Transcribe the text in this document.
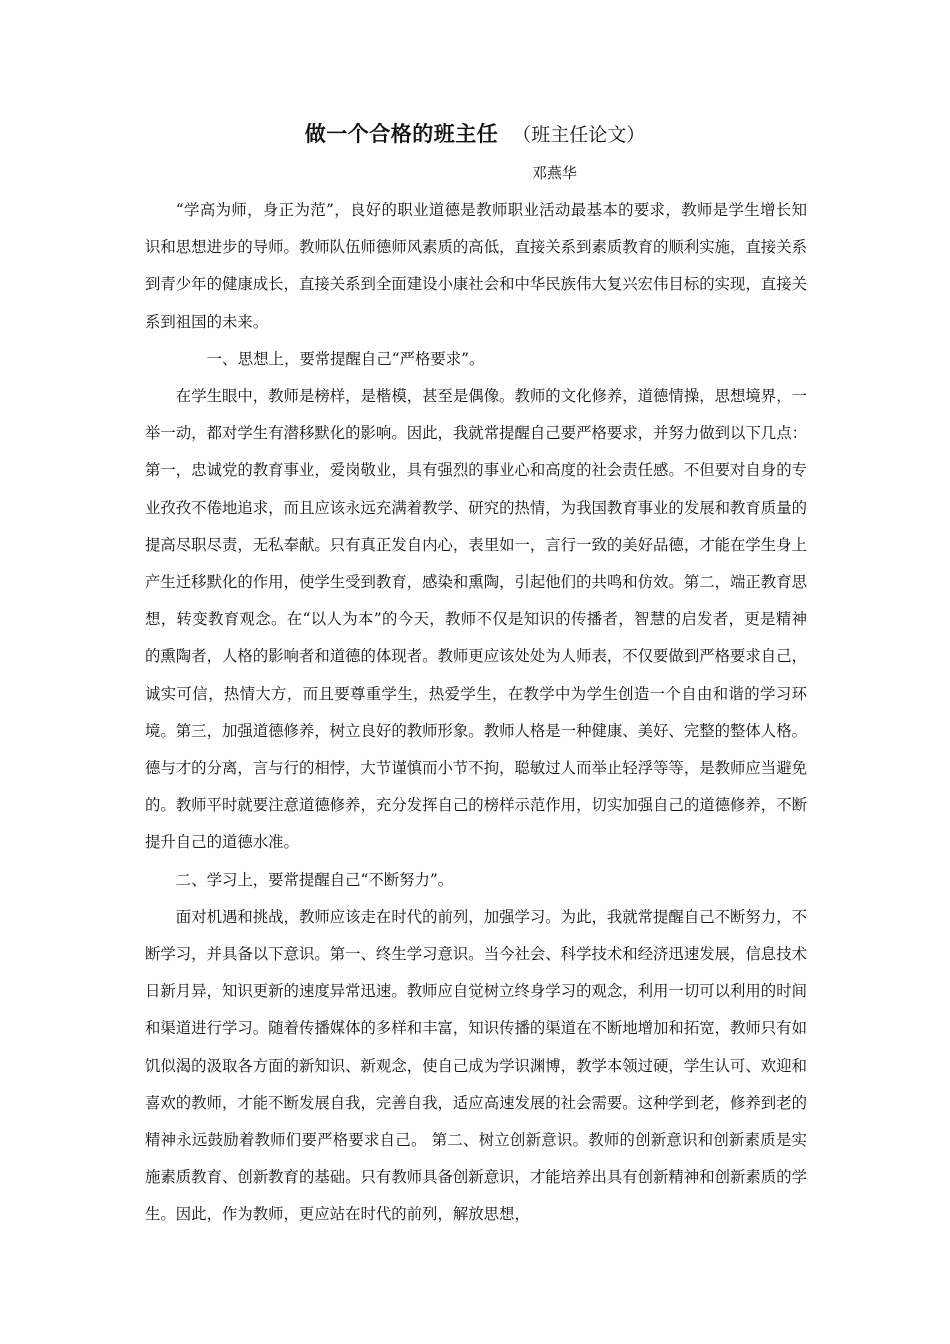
做一个合格的班主任 （班主任论文）
邓燕华

“学高为师，身正为范”，良好的职业道德是教师职业活动最基本的要求，教师是学生增长知识和思想进步的导师。教师队伍师德师风素质的高低，直接关系到素质教育的顺利实施，直接关系到青少年的健康成长，直接关系到全面建设小康社会和中华民族伟大复兴宏伟目标的实现，直接关系到祖国的未来。

一、思想上，要常提醒自己“严格要求”。

在学生眼中，教师是榜样，是楷模，甚至是偶像。教师的文化修养，道德情操，思想境界，一举一动，都对学生有潜移默化的影响。因此，我就常提醒自己要严格要求，并努力做到以下几点：第一，忠诚党的教育事业，爱岗敬业，具有强烈的事业心和高度的社会责任感。不但要对自身的专业孜孜不倦地追求，而且应该永远充满着教学、研究的热情，为我国教育事业的发展和教育质量的提高尽职尽责，无私奉献。只有真正发自内心，表里如一，言行一致的美好品德，才能在学生身上产生迁移默化的作用，使学生受到教育，感染和熏陶，引起他们的共鸣和仿效。第二，端正教育思想，转变教育观念。在“以人为本”的今天，教师不仅是知识的传播者，智慧的启发者，更是精神的熏陶者，人格的影响者和道德的体现者。教师更应该处处为人师表，不仅要做到严格要求自己，诚实可信，热情大方，而且要尊重学生，热爱学生，在教学中为学生创造一个自由和谐的学习环境。第三，加强道德修养，树立良好的教师形象。教师人格是一种健康、美好、完整的整体人格。德与才的分离，言与行的相悖，大节谨慎而小节不拘，聪敏过人而举止轻浮等等，是教师应当避免的。教师平时就要注意道德修养，充分发挥自己的榜样示范作用，切实加强自己的道德修养，不断提升自己的道德水准。

二、学习上，要常提醒自己“不断努力”。

面对机遇和挑战，教师应该走在时代的前列，加强学习。为此，我就常提醒自己不断努力，不断学习，并具备以下意识。第一、终生学习意识。当今社会、科学技术和经济迅速发展，信息技术日新月异，知识更新的速度异常迅速。教师应自觉树立终身学习的观念，利用一切可以利用的时间和渠道进行学习。随着传播媒体的多样和丰富，知识传播的渠道在不断地增加和拓宽，教师只有如饥似渴的汲取各方面的新知识、新观念，使自己成为学识渊博，教学本领过硬，学生认可、欢迎和喜欢的教师，才能不断发展自我，完善自我，适应高速发展的社会需要。这种学到老，修养到老的精神永远鼓励着教师们要严格要求自己。 第二、树立创新意识。教师的创新意识和创新素质是实施素质教育、创新教育的基础。只有教师具备创新意识，才能培养出具有创新精神和创新素质的学生。因此，作为教师，更应站在时代的前列，解放思想，
